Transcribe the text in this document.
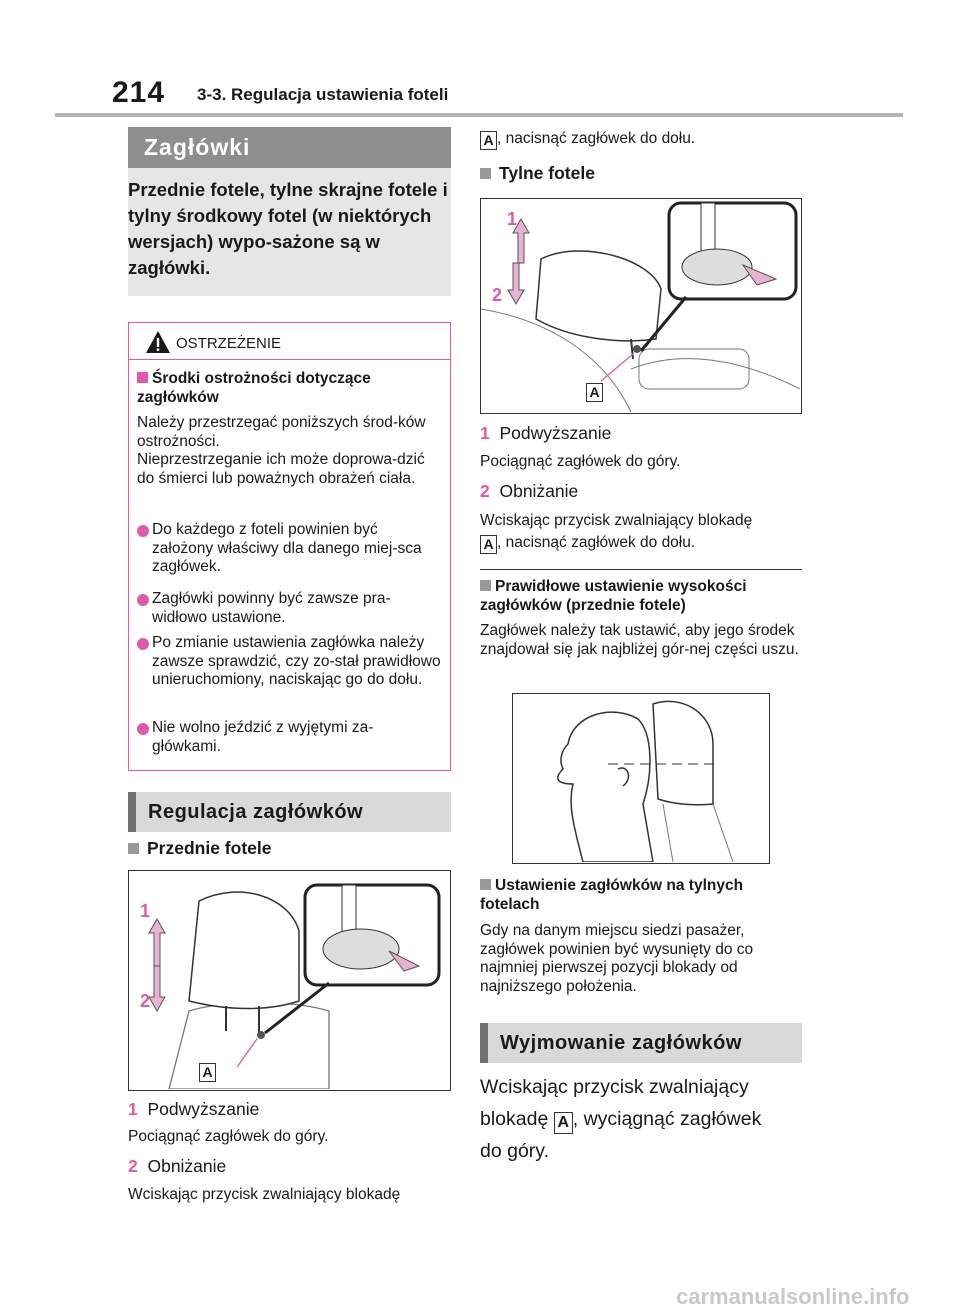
214 3-3. Regulacja ustawienia foteli
Zagłówki
Przednie fotele, tylne skrajne fotele i tylny środkowy fotel (w niektórych wersjach) wypo-sażone są w zagłówki.
OSTRZEŻENIE
Środki ostrożności dotyczące zagłówków
Należy przestrzegać poniższych środ-ków ostrożności.
Nieprzestrzeganie ich może doprowa-dzić do śmierci lub poważnych obrażeń ciała.
Do każdego z foteli powinien być założony właściwy dla danego miej-sca zagłówek.
Zagłówki powinny być zawsze pra-widłowo ustawione.
Po zmianie ustawienia zagłówka należy zawsze sprawdzić, czy zo-stał prawidłowo unieruchomiony, naciskając go do dołu.
Nie wolno jeździć z wyjętymi za-główkami.
Regulacja zagłówków
Przednie fotele
1
2
A
1 Podwyższanie
Pociągnąć zagłówek do góry.
2 Obniżanie
Wciskając przycisk zwalniający blokadę
A , nacisnąć zagłówek do dołu.
Tylne fotele
1
2
A
1 Podwyższanie
Pociągnąć zagłówek do góry.
2 Obniżanie
Wciskając przycisk zwalniający blokadę
A , nacisnąć zagłówek do dołu.
Prawidłowe ustawienie wysokości zagłówków (przednie fotele)
Zagłówek należy tak ustawić, aby jego środek znajdował się jak najbliżej gór-nej części uszu.
Ustawienie zagłówków na tylnych fotelach
Gdy na danym miejscu siedzi pasażer, zagłówek powinien być wysunięty do co najmniej pierwszej pozycji blokady od najniższego położenia.
Wyjmowanie zagłówków
Wciskając przycisk zwalniający
blokadę A , wyciągnąć zagłówek
do góry.
carmanualsonline.info
